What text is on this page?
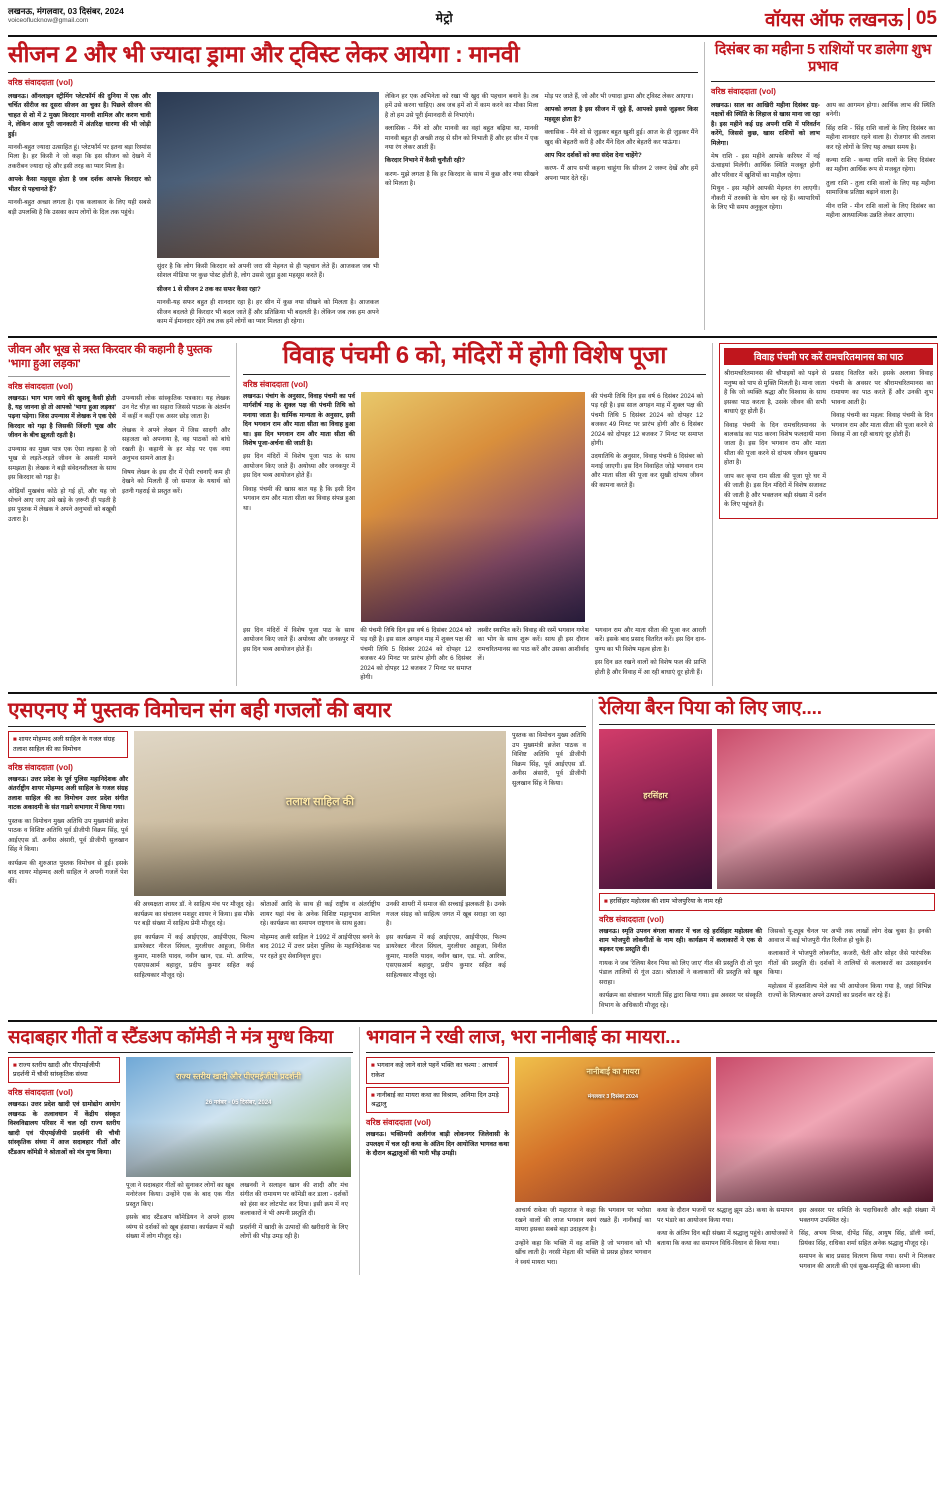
लखनऊ, मंगलवार, 03 दिसंबर, 2024
voiceoflucknow@gmail.com	मेट्रो	वॉयस ऑफ लखनऊ 05
सीजन 2 और भी ज्यादा ड्रामा और ट्विस्ट लेकर आयेगा : मानवी
वरिष्ठ संवाददाता (vol)

लखनऊ। ऑनलाइन स्ट्रीमिंग प्लेटफॉर्म की दुनिया में एक और चर्चित सीरीज का दूसरा सीजन आ चुका है। पिछले सीजन की चाहत से शो में 2 मुख्य किरदार मानवी शामिल और करण चावी ने, लेकिन आज पूरी जानकारी में अंतरिक्ष धारणा की भी जोड़ी हुई।

मानवी-बहुत ज्यादा उत्साहित हूं। प्लेटफॉर्म पर इतना बड़ा रिस्पांस मिला है। हर किसी ने जो कहा कि इस सीजन को देखने में तकरीबन ज्यादा रहे और इसी तरह का प्यार मिला है।

आपके कैसा महसूस होता है जब दर्शक आपके किरदार को भीतर से पहचानते हैं?

मानवी-बहुत अच्छा लगता है। एक कलाकार के लिए यही सबसे बड़ी उपलब्धि है कि उसका काम लोगों के दिल तक पहुंचे।

सुंदर है कि लोग किसी किरदार को अपनी जरा सी मेहनत से ही पहचान लेते हैं। आजकल जब भी सोशल मीडिया पर कुछ पोस्ट होती है, लोग उससे जुड़ा हुआ महसूस करते हैं।

सीजन 1 से सीजन 2 तक का सफर कैसा रहा?

मानवी-यह सफर बहुत ही शानदार रहा है। हर सीन में कुछ नया सीखने को मिलता है। आजकल सीजन बदलते ही किरदार भी बदल जाते हैं और प्रतिक्रिया भी बदलती है। लेकिन जब तक हम अपने काम में ईमानदार रहेंगे तब तक हमें लोगों का प्यार मिलता ही रहेगा।

लेकिन हर एक अभिनेता को रखा भी खुद की पहचान बनाने है। तब हमें उसे करना चाहिए। अब जब हमें शो में काम करने का मौका मिला है तो हम उसे पूरी ईमानदारी से निभाएंगे।

क्लासिक - मैंने शो और मानवी का वहां बहुत बढ़िया था, मानवी मानवी बहुत ही अच्छी तरह से सीन को निभाती हैं और हर सीन में एक नया रंग लेकर आती हैं।

किरदार निभाने में कैसी चुनौती रही?

करण- मुझे लगता है कि हर किरदार के साथ में कुछ और नया सीखने को मिलता है।

मोड़ पर जाते हैं, जो और भी ज्यादा ड्रामा और ट्विस्ट लेकर आएगा।

आपको लगता है इस सीजन में जुड़े हैं, आपको इससे जुड़कर किस महसूस होता है?

क्लासिक - मैंने शो से जुड़कर बहुत खुशी हुई। आज के ही जुड़कर मैंने खुद की बेहतरी करी है और मैंने दिल और बेहतरी कर पाऊंगा।

आप फिर दर्शकों को क्या संदेश देना चाहेंगे?

करण- मैं आप सभी कहना चाहूंगा कि सीजन 2 जरूर देखें और हमें अपना प्यार देते रहें।

दिसंबर का महीना 5 राशियों पर डालेगा शुभ प्रभाव
वरिष्ठ संवाददाता (vol)

लखनऊ। साल का आखिरी महीना दिसंबर ग्रह-नक्षत्रों की स्थिति के लिहाज से खास माना जा रहा है। इस महीने कई ग्रह अपनी राशि में परिवर्तन करेंगे, जिससे कुछ, खास राशियों को लाभ मिलेगा।

मेष राशि - इस महीने आपके करियर में नई ऊंचाइयां मिलेंगी। आर्थिक स्थिति मजबूत होगी और परिवार में खुशियों का माहौल रहेगा।

मिथुन - इस महीने आपकी मेहनत रंग लाएगी। नौकरी में तरक्की के योग बन रहे हैं। व्यापारियों के लिए भी समय अनुकूल रहेगा।

आय का आगमन होगा। आर्थिक लाभ की स्थिति बनेगी।

सिंह राशि - सिंह राशि वालों के लिए दिसंबर का महीना शानदार रहने वाला है। रोजगार की तलाश कर रहे लोगों के लिए यह अच्छा समय है।

कन्या राशि - कन्या राशि वालों के लिए दिसंबर का महीना आर्थिक रूप से मजबूत रहेगा।

तुला राशि - तुला राशि वालों के लिए यह महीना सामाजिक प्रतिष्ठा बढ़ाने वाला है।

मीन राशि - मीन राशि वालों के लिए दिसंबर का महीना आध्यात्मिक उन्नति लेकर आएगा।

जीवन और भूख से त्रस्त किरदार की कहानी है पुस्तक 'भागा हुआ लड़का'
वरिष्ठ संवाददाता (vol)

लखनऊ। भाग भाग जाये की खुशबू कैसी होती है, यह जानना हो तो आपको 'भागा हुआ लड़का' पढ़ना पड़ेगा। जिस उपन्यास में लेखक ने एक ऐसे किरदार को गढ़ा है जिसकी जिंदगी भूख और जीवन के बीच झूलती रहती है।

उपन्यास का मुख्य पात्र एक ऐसा लड़का है जो भूख से लड़ते-लड़ते जीवन के असली मायने समझता है। लेखक ने बड़ी संवेदनशीलता के साथ इस किरदार को गढ़ा है।

ओढ़ियाँ मुखबंध कोठे हो गई हों, और यह जो सोचने आए जाए उसे खड़े के ज़रूरी ही पड़ती है इस पुस्तक में लेखक ने अपने अनुभवों को बखूबी उतारा है।

उपन्यासी लोक सांस्कृतिक पत्रकार। यह लेखक उन गेट चीज़ का सहारा जिससे पाठक के अंतर्मन में कहीं न कहीं एक असर छोड़ जाता है।

लेखक ने अपने लेखन में जिस सादगी और सहजता को अपनाया है, वह पाठकों को बांधे रखती है। कहानी के हर मोड़ पर एक नया अनुभव सामने आता है।

विषय लेखन के इस दौर में ऐसी रचनाएँ कम ही देखने को मिलती हैं जो समाज के यथार्थ को इतनी गहराई से प्रस्तुत करें।

विवाह पंचमी 6 को, मंदिरों में होगी विशेष पूजा
वरिष्ठ संवाददाता (vol)

लखनऊ। पंचांग के अनुसार, विवाह पंचमी का पर्व मार्गशीर्ष माह के शुक्ल पक्ष की पंचमी तिथि को मनाया जाता है। धार्मिक मान्यता के अनुसार, इसी दिन भगवान राम और माता सीता का विवाह हुआ था। इस दिन भगवान राम और माता सीता की विशेष पूजा-अर्चना की जाती है।

इस दिन मंदिरों में विशेष पूजा पाठ के साथ आयोजन किए जाते हैं। अयोध्या और जनकपुर में इस दिन भव्य आयोजन होते हैं।

विवाह पंचमी की खास बात यह है कि इसी दिन भगवान राम और माता सीता का विवाह संपन्न हुआ था।

की पंचमी तिथि दिन इस वर्ष 6 दिसंबर 2024 को पड़ रही है। इस साल अगहन माह में शुक्ल पक्ष की पंचमी तिथि 5 दिसंबर 2024 को दोपहर 12 बजकर 49 मिनट पर प्रारंभ होगी और 6 दिसंबर 2024 को दोपहर 12 बजकर 7 मिनट पर समाप्त होगी।

उदयातिथि के अनुसार, विवाह पंचमी 6 दिसंबर को मनाई जाएगी। इस दिन विवाहित जोड़े भगवान राम और माता सीता की पूजा कर सुखी दांपत्य जीवन की कामना करते हैं।

इस दिन मंदिरों में विशेष पूजा पाठ के साथ आयोजन किए जाते हैं। अयोध्या और जनकपुर में इस दिन भव्य आयोजन होते हैं।

की पंचमी तिथि दिन इस वर्ष 6 दिसंबर 2024 को पड़ रही है। इस साल अगहन माह में शुक्ल पक्ष की पंचमी तिथि 5 दिसंबर 2024 को दोपहर 12 बजकर 49 मिनट पर प्रारंभ होगी और 6 दिसंबर 2024 को दोपहर 12 बजकर 7 मिनट पर समाप्त होगी।

तस्वीर स्थापित करें। विवाह की रस्में भगवान गणेश का भोग के साथ शुरू करें। साथ ही इस दौरान रामचरितमानस का पाठ करें और उसका आशीर्वाद लें।

भगवान राम और माता सीता की पूजा कर आरती करें। इसके बाद प्रसाद वितरित करें। इस दिन दान-पुण्य का भी विशेष महत्व होता है।

इस दिन व्रत रखने वालों को विशेष फल की प्राप्ति होती है और विवाह में आ रही बाधाएं दूर होती हैं।

विवाह पंचमी पर करें रामचरितमानस का पाठ

श्रीरामचरितमानस की चौपाइयों को पढ़ने से मनुष्य को पाप से मुक्ति मिलती है। माना जाता है कि जो व्यक्ति श्रद्धा और विश्वास के साथ इसका पाठ करता है, उसके जीवन की सभी बाधाएं दूर होती हैं।

विवाह पंचमी के दिन रामचरितमानस के बालकांड का पाठ करना विशेष फलदायी माना जाता है। इस दिन भगवान राम और माता सीता की पूजा करने से दांपत्य जीवन सुखमय होता है।

जाप कर कृपा राम सीता की पूजा पूरे घर में की जाती है। इस दिन मंदिरों में विशेष सजावट की जाती है और भक्तजन बड़ी संख्या में दर्शन के लिए पहुंचते हैं।

प्रसाद वितरित करें। इसके अलावा विवाह पंचमी के अवसर पर श्रीरामचरितमानस का रामायण का पाठ करते हैं और उनकी शुभ भावना आती है।

विवाह पंचमी का महत्व: विवाह पंचमी के दिन भगवान राम और माता सीता की पूजा करने से विवाह में आ रही बाधाएं दूर होती हैं।

एसएनए में पुस्तक विमोचन संग बही गजलों की बयार
■ शायर मोहम्मद अली साहिल के गजल संग्रह तलाश साहिल की का विमोचन
वरिष्ठ संवाददाता (vol)

लखनऊ। उत्तर प्रदेश के पूर्व पुलिस महानिदेशक और अंतर्राष्ट्रीय शायर मोहम्मद अली साहिल के गजल संग्रह तलाश साहिल की का विमोचन उत्तर प्रदेश संगीत नाटक अकादमी के संत गाडगे सभागार में किया गया।

पुस्तक का विमोचन मुख्य अतिथि उप मुख्यमंत्री ब्रजेश पाठक व विशिष्ट अतिथि पूर्व डीजीपी विक्रम सिंह, पूर्व आईएएस डॉ. अनीस अंसारी, पूर्व डीजीपी सुलखान सिंह ने किया।

कार्यक्रम की शुरुआत पुस्तक विमोचन से हुई। इसके बाद शायर मोहम्मद अली साहिल ने अपनी गजलें पेश कीं।

तलाश साहिल की

की अध्यक्षता शायर डॉ. ने साहित्य मंच पर मौजूद रहे। कार्यक्रम का संचालन मशहूर शायर ने किया। इस मौके पर बड़ी संख्या में साहित्य प्रेमी मौजूद रहे।

इस कार्यक्रम में कई आईएएस, आईपीएस, फिल्म डायरेक्टर नीरज सिंघल, मुरलीधर आहूजा, विनीत कुमार, मारुति यादव, नवीन खान, एड. मो. आरिफ, एसएसआर्म बहादुर, प्रदीप कुमार सहित कई साहित्यकार मौजूद रहे।

श्रोताओं आदि के साथ ही कई राष्ट्रीय व अंतर्राष्ट्रीय शायर यहां मंच के अनेक विशिष्ट महानुभाव शामिल रहे। कार्यक्रम का समापन राष्ट्रगान के साथ हुआ।

मोहम्मद अली साहिल ने 1992 में आईपीएस बनने के बाद 2012 में उत्तर प्रदेश पुलिस के महानिदेशक पद पर रहते हुए सेवानिवृत्त हुए।

उनकी शायरी में समाज की सच्चाई झलकती है। उनके गजल संग्रह को साहित्य जगत में खूब सराहा जा रहा है।

इस कार्यक्रम में कई आईएएस, आईपीएस, फिल्म डायरेक्टर नीरज सिंघल, मुरलीधर आहूजा, विनीत कुमार, मारुति यादव, नवीन खान, एड. मो. आरिफ, एसएसआर्म बहादुर, प्रदीप कुमार सहित कई साहित्यकार मौजूद रहे।

पुस्तक का विमोचन मुख्य अतिथि उप मुख्यमंत्री ब्रजेश पाठक व विशिष्ट अतिथि पूर्व डीजीपी विक्रम सिंह, पूर्व आईएएस डॉ. अनीस अंसारी, पूर्व डीजीपी सुलखान सिंह ने किया।

रेलिया बैरन पिया को लिए जाए....
हरसिंहार
■ हरसिंहार महोत्सव की शाम भोजपुरिया के नाम रही
वरिष्ठ संवाददाता (vol)

लखनऊ। स्मृति उपवन बंगला बाजार में चल रहे हरसिंहार महोत्सव की शाम भोजपुरी लोकगीतों के नाम रही। कार्यक्रम में कलाकारों ने एक से बढ़कर एक प्रस्तुति दी।

गायक ने जब 'रेलिया बैरन पिया को लिए जाए' गीत की प्रस्तुति दी तो पूरा पंडाल तालियों से गूंज उठा। श्रोताओं ने कलाकारों की प्रस्तुति को खूब सराहा।

कार्यक्रम का संचालन भारती सिंह द्वारा किया गया। इस अवसर पर संस्कृति विभाग के अधिकारी मौजूद रहे।

जिसको यू-ट्यूब चैनल पर अभी तक लाखों लोग देख चुका है। इनकी आवाज में कई भोजपुरी गीत रिलीज हो चुके हैं।

कलाकारों ने भोजपुरी लोकगीत, कजरी, चैती और सोहर जैसे पारंपरिक गीतों की प्रस्तुति दी। दर्शकों ने तालियों से कलाकारों का उत्साहवर्धन किया।

महोत्सव में हस्तशिल्प मेले का भी आयोजन किया गया है, जहां विभिन्न राज्यों के शिल्पकार अपने उत्पादों का प्रदर्शन कर रहे हैं।

सदाबहार गीतों व स्टैंडअप कॉमेडी ने मंत्र मुग्ध किया
■ राज्य स्तरीय खादी और पीएमईजीपी प्रदर्शनी में चौथी सांस्कृतिक संध्या
वरिष्ठ संवाददाता (vol)

लखनऊ। उत्तर प्रदेश खादी एवं ग्रामोद्योग आयोग लखनऊ के तत्वावधान में केंद्रीय संस्कृत विश्वविद्यालय परिसर में चल रही राज्य स्तरीय खादी एवं पीएमईजीपी प्रदर्शनी की चौथी सांस्कृतिक संध्या में आज सदाबहार गीतों और स्टैंडअप कॉमेडी ने श्रोताओं को मंत्र मुग्ध किया।

राज्य स्तरीय खादी और पीएमईजीपी प्रदर्शनी
26 नवंबर - 05 दिसंबर, 2024

पूजा ने सदाबहार गीतों को सुनाकर लोगों का खूब मनोरंजन किया। उन्होंने एक के बाद एक गीत प्रस्तुत किए।

इसके बाद स्टैंडअप कॉमेडियन ने अपने हास्य व्यंग्य से दर्शकों को खूब हंसाया। कार्यक्रम में बड़ी संख्या में लोग मौजूद रहे।

लखनवी ने सलाहन खान की शादी और मंच संगीत की रामायण पर कॉमेडी कर डाला - दर्शकों को हंसा कर लोटपोट कर दिया। इसी क्रम में नए कलाकारों ने भी अपनी प्रस्तुति दी।

प्रदर्शनी में खादी के उत्पादों की खरीदारी के लिए लोगों की भीड़ उमड़ रही है।

भगवान ने रखी लाज, भरा नानीबाई का मायरा...
■ भगवान कहे जाने वाले पहनें भक्ति का चश्मा : आचार्य राकेश
■ नानीबाई का मायरा कथा का विश्राम, अनिमा दिन उमड़े श्रद्धालु
वरिष्ठ संवाददाता (vol)

लखनऊ। भक्तिमयी अलीगंज बाड़ी लोकनगर जिलेवासी के उपलक्ष्य में चल रही कथा के अंतिम दिन आयोजित भागवत कथा के दौरान श्रद्धालुओं की भारी भीड़ उमड़ी।

नानीबाई का मायरा
मंगलवार 3 दिसंबर 2024

आचार्य राकेश जी महाराज ने कहा कि भगवान पर भरोसा रखने वालों की लाज भगवान स्वयं रखते हैं। नानीबाई का मायरा इसका सबसे बड़ा उदाहरण है।

उन्होंने कहा कि भक्ति में वह शक्ति है जो भगवान को भी खींच लाती है। नरसी मेहता की भक्ति से प्रसन्न होकर भगवान ने स्वयं मायरा भरा।

कथा के दौरान भजनों पर श्रद्धालु झूम उठे। कथा के समापन पर भंडारे का आयोजन किया गया।

कथा के अंतिम दिन बड़ी संख्या में श्रद्धालु पहुंचे। आयोजकों ने बताया कि कथा का समापन विधि-विधान से किया गया।

इस अवसर पर समिति के पदाधिकारी और बड़ी संख्या में भक्तगण उपस्थित रहे।

सिंह, अभय मिश्रा, दीपेंद्र सिंह, आयुष सिंह, डॉली वर्मा, प्रियंका सिंह, राधिका शर्मा सहित अनेक श्रद्धालु मौजूद रहे।

समापन के बाद प्रसाद वितरण किया गया। सभी ने मिलकर भगवान की आरती की एवं सुख-समृद्धि की कामना की।
